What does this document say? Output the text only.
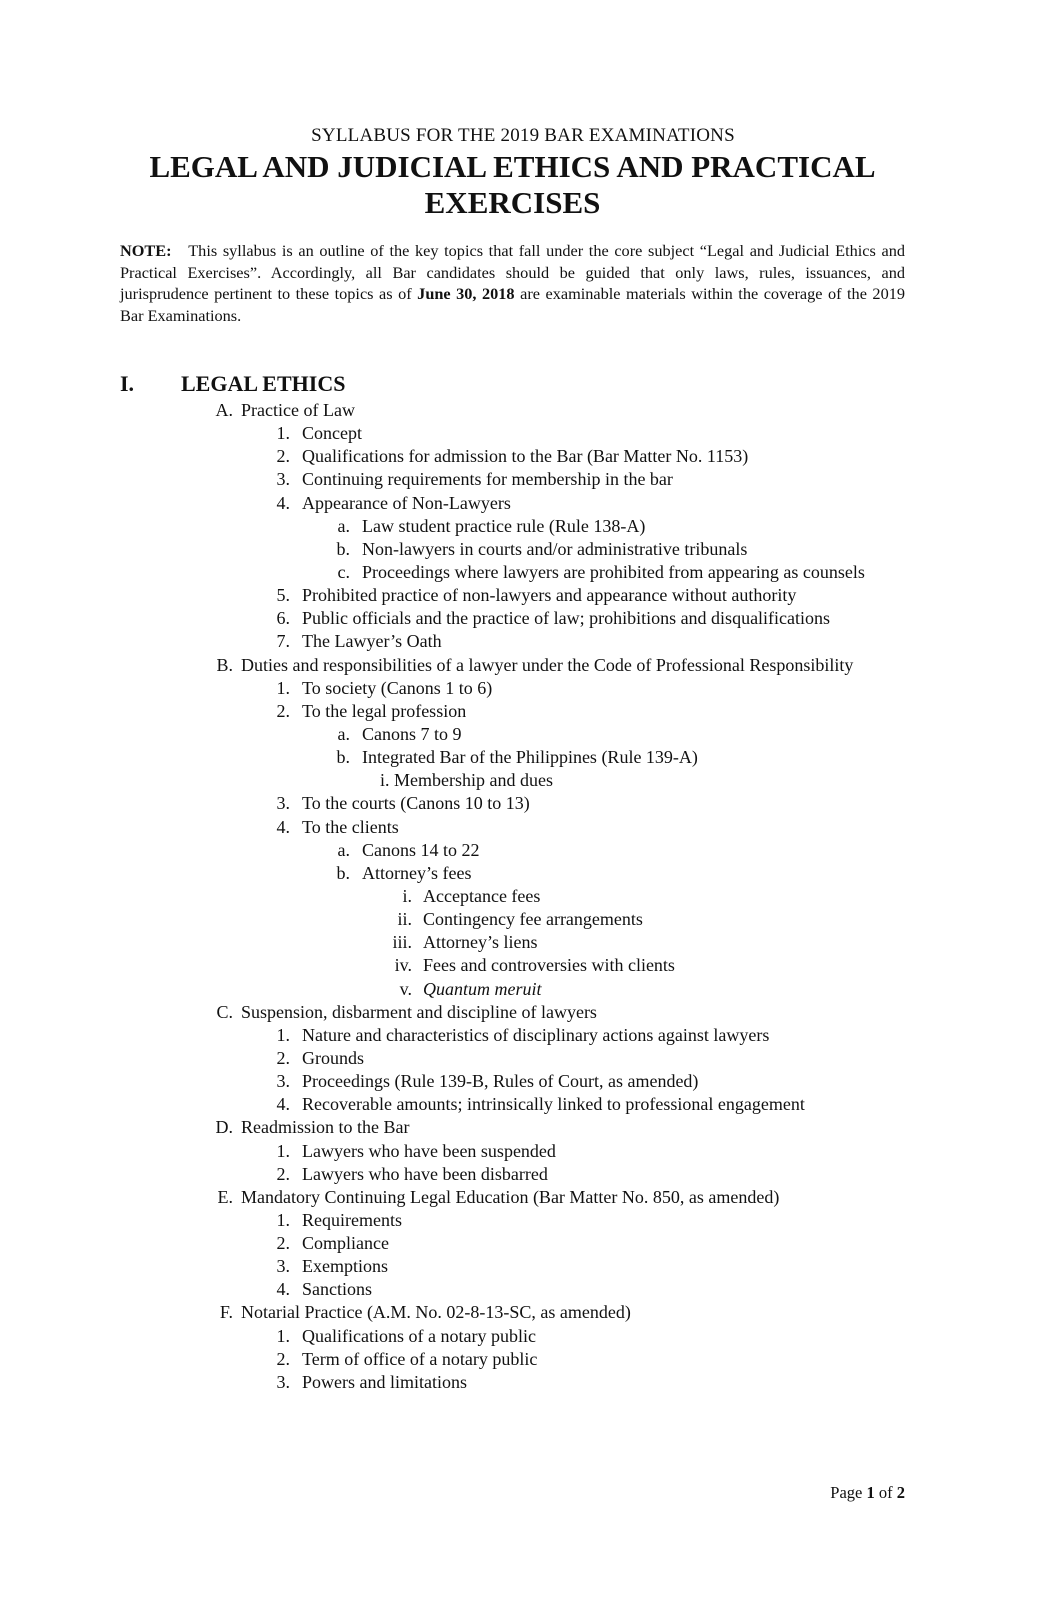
SYLLABUS FOR THE 2019 BAR EXAMINATIONS
LEGAL AND JUDICIAL ETHICS AND PRACTICAL EXERCISES
NOTE: This syllabus is an outline of the key topics that fall under the core subject “Legal and Judicial Ethics and Practical Exercises”. Accordingly, all Bar candidates should be guided that only laws, rules, issuances, and jurisprudence pertinent to these topics as of June 30, 2018 are examinable materials within the coverage of the 2019 Bar Examinations.
I. LEGAL ETHICS
A. Practice of Law
1. Concept
2. Qualifications for admission to the Bar (Bar Matter No. 1153)
3. Continuing requirements for membership in the bar
4. Appearance of Non-Lawyers
a. Law student practice rule (Rule 138-A)
b. Non-lawyers in courts and/or administrative tribunals
c. Proceedings where lawyers are prohibited from appearing as counsels
5. Prohibited practice of non-lawyers and appearance without authority
6. Public officials and the practice of law; prohibitions and disqualifications
7. The Lawyer’s Oath
B. Duties and responsibilities of a lawyer under the Code of Professional Responsibility
1. To society (Canons 1 to 6)
2. To the legal profession
a. Canons 7 to 9
b. Integrated Bar of the Philippines (Rule 139-A)
i. Membership and dues
3. To the courts (Canons 10 to 13)
4. To the clients
a. Canons 14 to 22
b. Attorney’s fees
i. Acceptance fees
ii. Contingency fee arrangements
iii. Attorney’s liens
iv. Fees and controversies with clients
v. Quantum meruit
C. Suspension, disbarment and discipline of lawyers
1. Nature and characteristics of disciplinary actions against lawyers
2. Grounds
3. Proceedings (Rule 139-B, Rules of Court, as amended)
4. Recoverable amounts; intrinsically linked to professional engagement
D. Readmission to the Bar
1. Lawyers who have been suspended
2. Lawyers who have been disbarred
E. Mandatory Continuing Legal Education (Bar Matter No. 850, as amended)
1. Requirements
2. Compliance
3. Exemptions
4. Sanctions
F. Notarial Practice (A.M. No. 02-8-13-SC, as amended)
1. Qualifications of a notary public
2. Term of office of a notary public
3. Powers and limitations
Page 1 of 2
